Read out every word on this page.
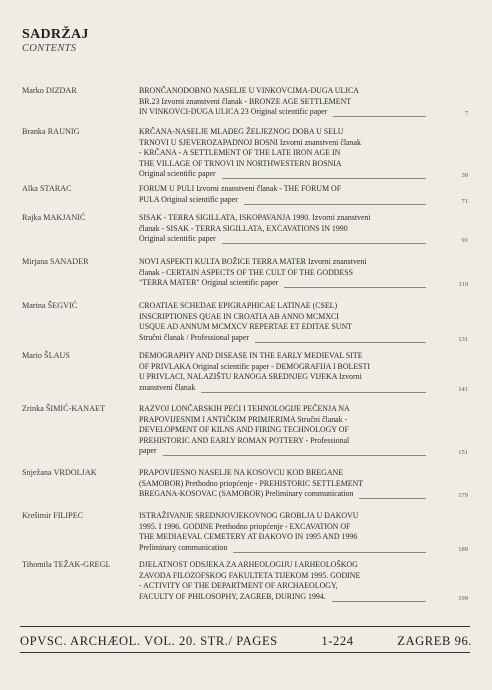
SADRŽAJ
CONTENTS
Marko DIZDAR	BRONČANODOBNO NASELJE U VINKOVCIMA-DUGA ULICA
BR.23 Izvorni znanstveni članak - BRONZE AGE SETTLEMENT
IN VINKOVCI-DUGA ULICA 23 Original scientific paper	7
Branka RAUNIG	KRČANA-NASELJE MLAĐEG ŽELJEZNOG DOBA U SELU
TRNOVI U SJEVEROZAPADNOJ BOSNI Izvorni znanstveni članak
- KRČANA - A SETTLEMENT OF THE LATE IRON AGE IN
THE VILLAGE OF TRNOVI IN NORTHWESTERN BOSNIA
Original scientific paper	39
Alka STARAC	FORUM U PULI Izvorni znanstveni članak - THE FORUM OF
PULA Original scientific paper	71
Rajka MAKJANIĆ	SISAK - TERRA SIGILLATA, ISKOPAVANJA 1990. Izvorni znanstveni
članak - SISAK - TERRA SIGILLATA, EXCAVATIONS IN 1990
Original scientific paper	91
Mirjana SANADER	NOVI ASPEKTI KULTA BOŽICE TERRA MATER Izvorni znanstveni
članak - CERTAIN ASPECTS OF THE CULT OF THE GODDESS
"TERRA MATER" Original scientific paper	119
Marina ŠEGVIĆ	CROATIAE SCHEDAE EPIGRAPHICAE LATINAE (CSEL)
INSCRIPTIONES QUAE IN CROATIA AB ANNO MCMXCI
USQUE AD ANNUM MCMXCV REPERTAE ET EDITAE SUNT
Stručni članak / Professional paper	131
Mario ŠLAUS	DEMOGRAPHY AND DISEASE IN THE EARLY MEDIEVAL SITE
OF PRIVLAKA Original scientific paper - DEMOGRAFIJA I BOLESTI
U PRIVLACI, NALAZIŠTU RANOGA SREDNJEG VIJEKA Izvorni
znanstveni članak	141
Zrinka ŠIMIĆ-KANAET	RAZVOJ LONČARSKIH PEĆI I TEHNOLOGIJE PEČENJA NA
PRAPOVIJESNIM I ANTIČKIM PRIMJERIMA Stručni članak -
DEVELOPMENT OF KILNS AND FIRING TECHNOLOGY OF
PREHISTORIC AND EARLY ROMAN POTTERY - Professional
paper	151
Snježana VRDOLJAK	PRAPOVIJESNO NASELJE NA KOSOVCU KOD BREGANE
(SAMOBOR) Prethodno priopćenje - PREHISTORIC SETTLEMENT
BREGANA-KOSOVAC (SAMOBOR) Preliminary communication	179
Krešimir FILIPEC	ISTRAŽIVANJE SREDNJOVJEKOVNOG GROBLJA U ĐAKOVU
1995. I 1996. GODINE Prethodno priopćenje - EXCAVATION OF
THE MEDIAEVAL CEMETERY AT ĐAKOVO IN 1995 AND 1996
Preliminary communication	189
Tihomila TEŽAK-GREGL	DJELATNOST ODSJEKA ZA ARHEOLOGIJU I ARHEOLOŠKOG
ZAVODA FILOZOFSKOG FAKULTETA TIJEKOM 1995. GODINE
- ACTIVITY OF THE DEPARTMENT OF ARCHAEOLOGY,
FACULTY OF PHILOSOPHY, ZAGREB, DURING 1994.	199
OPVSC. ARCHÆOL. VOL. 20. STR./ PAGES	1-224	ZAGREB 96.
